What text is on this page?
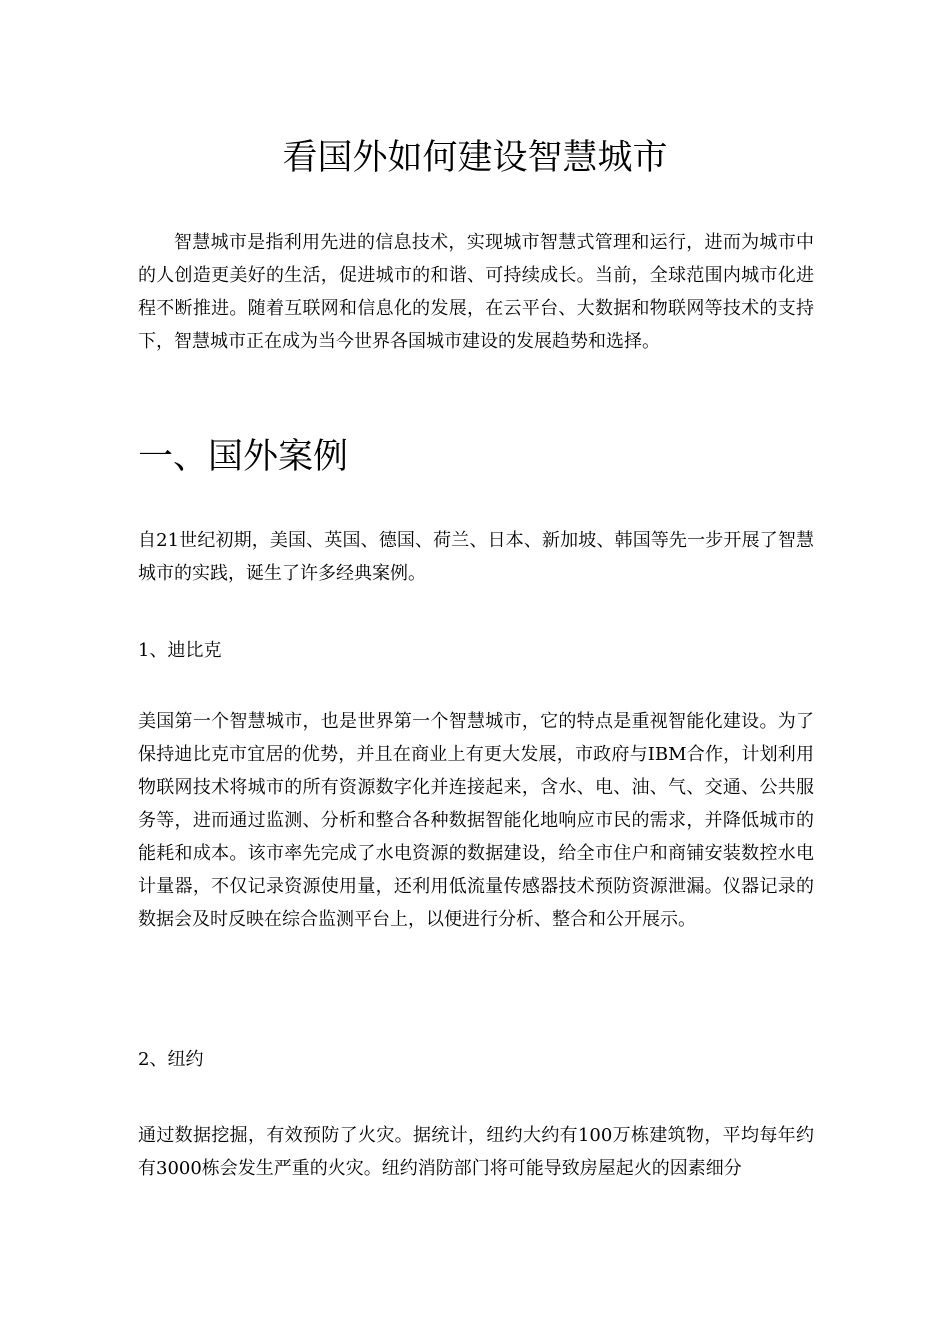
看国外如何建设智慧城市

智慧城市是指利用先进的信息技术，实现城市智慧式管理和运行，进而为城市中的人创造更美好的生活，促进城市的和谐、可持续成长。当前，全球范围内城市化进程不断推进。随着互联网和信息化的发展，在云平台、大数据和物联网等技术的支持下，智慧城市正在成为当今世界各国城市建设的发展趋势和选择。

一、国外案例

自21世纪初期，美国、英国、德国、荷兰、日本、新加坡、韩国等先一步开展了智慧城市的实践，诞生了许多经典案例。

1、迪比克

美国第一个智慧城市，也是世界第一个智慧城市，它的特点是重视智能化建设。为了保持迪比克市宜居的优势，并且在商业上有更大发展，市政府与IBM合作，计划利用物联网技术将城市的所有资源数字化并连接起来，含水、电、油、气、交通、公共服务等，进而通过监测、分析和整合各种数据智能化地响应市民的需求，并降低城市的能耗和成本。该市率先完成了水电资源的数据建设，给全市住户和商铺安装数控水电计量器，不仅记录资源使用量，还利用低流量传感器技术预防资源泄漏。仪器记录的数据会及时反映在综合监测平台上，以便进行分析、整合和公开展示。

2、纽约

通过数据挖掘，有效预防了火灾。据统计，纽约大约有100万栋建筑物，平均每年约有3000栋会发生严重的火灾。纽约消防部门将可能导致房屋起火的因素细分
